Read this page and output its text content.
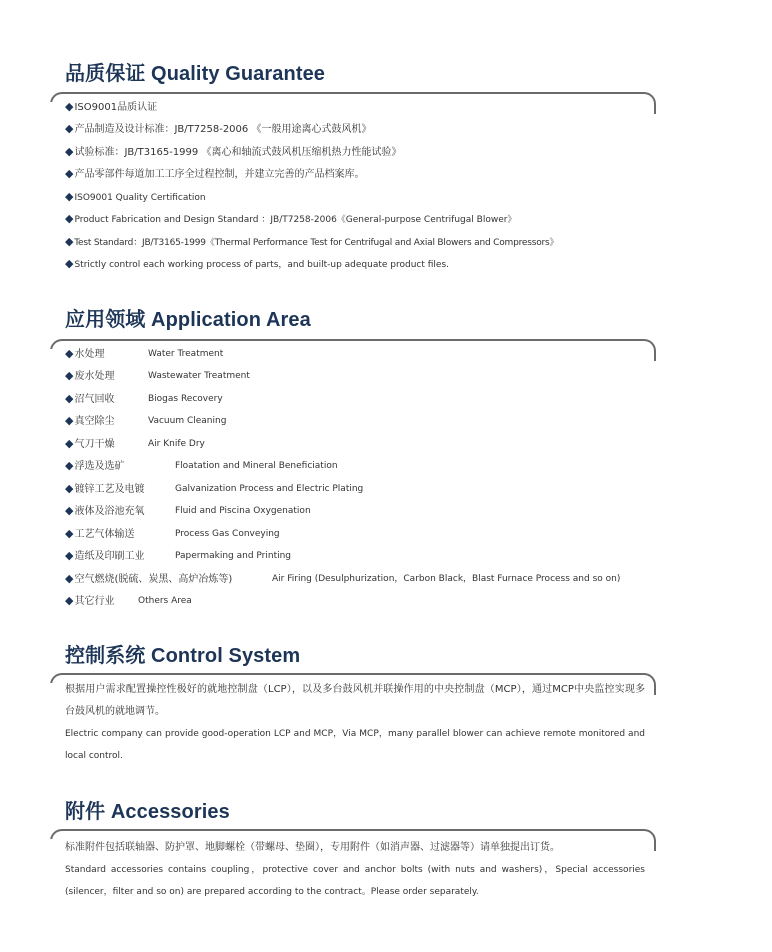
品质保证 Quality Guarantee
◆ISO9001品质认证
◆产品制造及设计标准：JB/T7258-2006 《一般用途离心式鼓风机》
◆试验标准：JB/T3165-1999 《离心和轴流式鼓风机压缩机热力性能试验》
◆产品零部件每道加工工序全过程控制，并建立完善的产品档案库。
◆ISO9001 Quality Certification
◆Product Fabrication and Design Standard ：JB/T7258-2006《General-purpose Centrifugal Blower》
◆Test Standard：JB/T3165-1999《Thermal Performance Test for Centrifugal and Axial Blowers and Compressors》
◆Strictly control each working process of parts，and built-up adequate product files.
应用领域 Application Area
◆水处理	Water Treatment
◆废水处理	Wastewater Treatment
◆沼气回收	Biogas Recovery
◆真空除尘	Vacuum Cleaning
◆气刀干燥	Air Knife Dry
◆浮选及选矿	Floatation and Mineral Beneficiation
◆镀锌工艺及电镀	Galvanization Process and Electric Plating
◆液体及浴池充氧	Fluid and Piscina Oxygenation
◆工艺气体输送	Process Gas Conveying
◆造纸及印刷工业	Papermaking and Printing
◆空气燃烧(脱硫、炭黑、高炉冶炼等)	Air Firing (Desulphurization，Carbon Black，Blast Furnace Process and so on)
◆其它行业	Others Area
控制系统 Control System
根据用户需求配置操控性极好的就地控制盘（LCP），以及多台鼓风机并联操作用的中央控制盘（MCP），通过MCP中央监控实现多台鼓风机的就地调节。
Electric company can provide good-operation LCP and MCP，Via MCP，many parallel blower can achieve remote monitored and local control.
附件 Accessories
标准附件包括联轴器、防护罩、地脚螺栓（带螺母、垫圈），专用附件（如消声器、过滤器等）请单独提出订货。
Standard accessories contains coupling，protective cover and anchor bolts (with nuts and washers)，Special accessories (silencer，filter and so on) are prepared according to the contract。Please order separately.
